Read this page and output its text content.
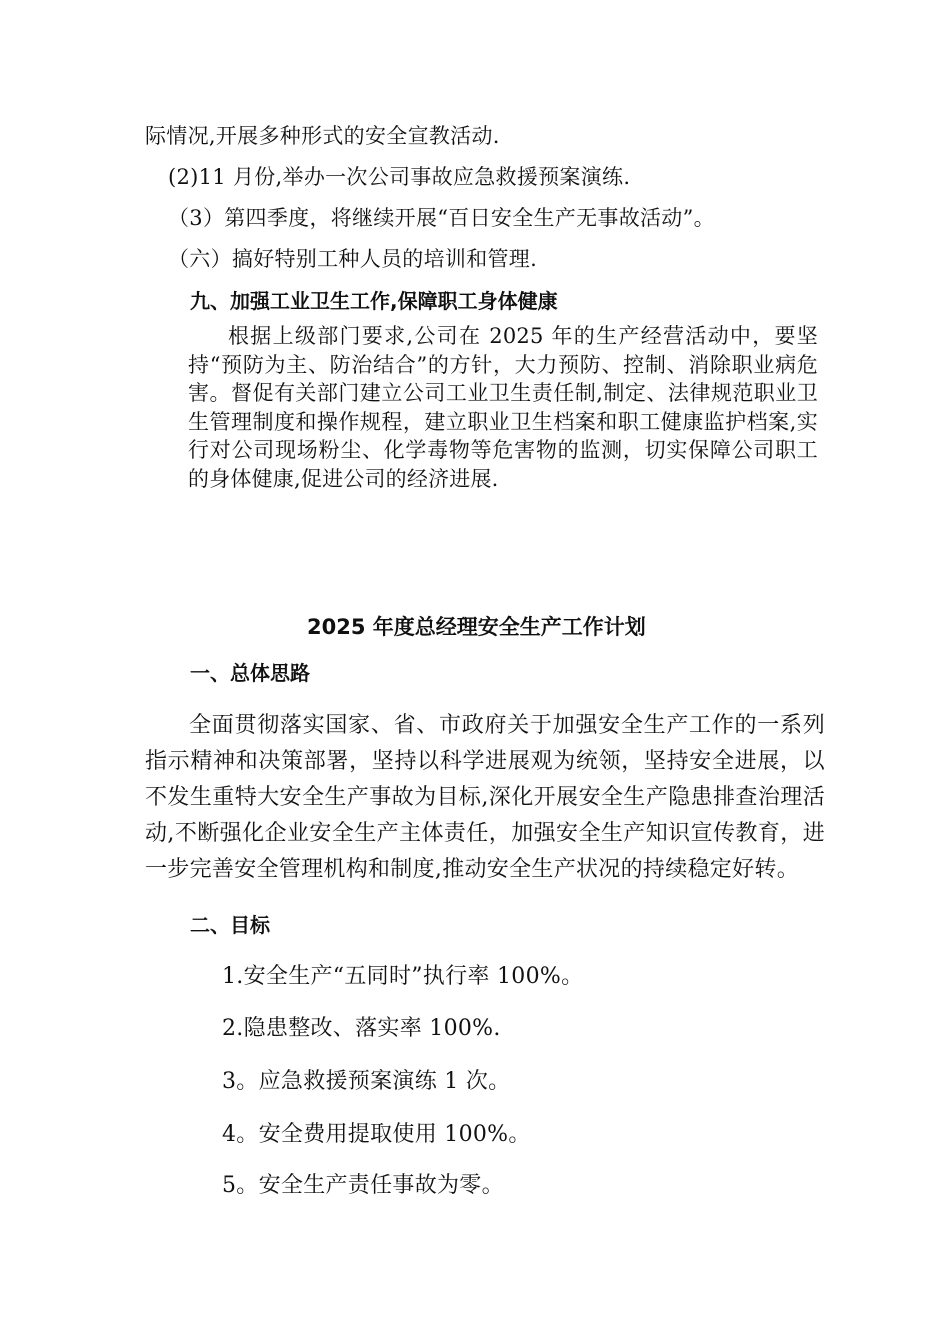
际情况,开展多种形式的安全宣教活动.
(2)11 月份,举办一次公司事故应急救援预案演练.
（3）第四季度，将继续开展“百日安全生产无事故活动”。
（六）搞好特别工种人员的培训和管理.
九、加强工业卫生工作,保障职工身体健康
根据上级部门要求,公司在 2025 年的生产经营活动中，要坚持“预防为主、防治结合”的方针，大力预防、控制、消除职业病危害。督促有关部门建立公司工业卫生责任制,制定、法律规范职业卫生管理制度和操作规程，建立职业卫生档案和职工健康监护档案,实行对公司现场粉尘、化学毒物等危害物的监测，切实保障公司职工的身体健康,促进公司的经济进展.
2025 年度总经理安全生产工作计划
一、总体思路
全面贯彻落实国家、省、市政府关于加强安全生产工作的一系列指示精神和决策部署，坚持以科学进展观为统领，坚持安全进展，以不发生重特大安全生产事故为目标,深化开展安全生产隐患排查治理活动,不断强化企业安全生产主体责任，加强安全生产知识宣传教育，进一步完善安全管理机构和制度,推动安全生产状况的持续稳定好转。
二、目标
1.安全生产“五同时”执行率 100%。
2.隐患整改、落实率 100%.
3。应急救援预案演练 1 次。
4。安全费用提取使用 100%。
5。安全生产责任事故为零。
